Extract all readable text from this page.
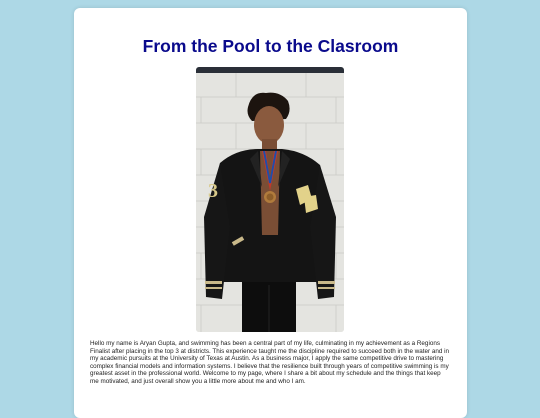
From the Pool to the Clasroom
3

Hello my name is Aryan Gupta, and swimming has been a central part of my life, culminating in my achievement as a Regions Finalist after placing in the top 3 at districts. This experience taught me the discipline required to succeed both in the water and in my academic pursuits at the University of Texas at Austin. As a business major, I apply the same competitive drive to mastering complex financial models and information systems. I believe that the resilience built through years of competitive swimming is my greatest asset in the professional world. Welcome to my page, where I share a bit about my schedule and the things that keep me motivated, and just overall show you a little more about me and who I am.
